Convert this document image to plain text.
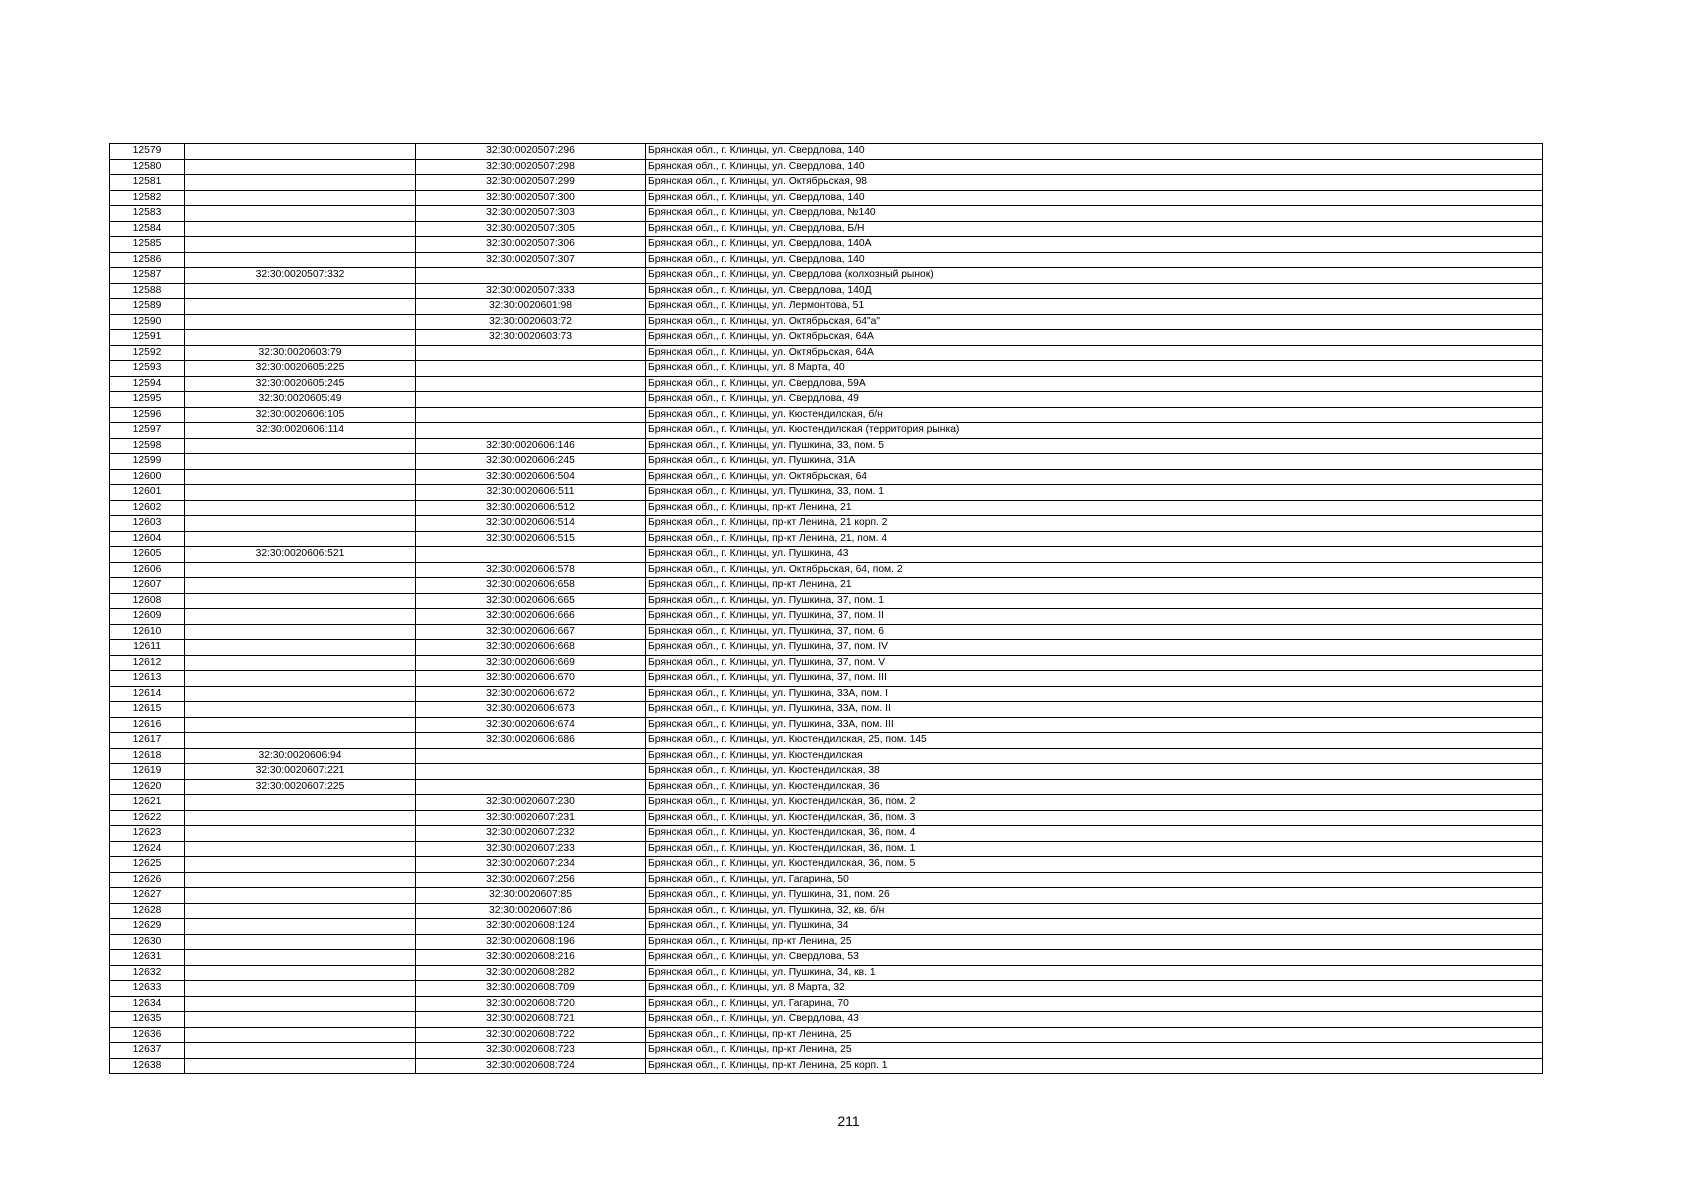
12579		32:30:0020507:296	Брянская обл., г. Клинцы, ул. Свердлова, 140
12580		32:30:0020507:298	Брянская обл., г. Клинцы, ул. Свердлова, 140
12581		32:30:0020507:299	Брянская обл., г. Клинцы, ул. Октябрьская, 98
12582		32:30:0020507:300	Брянская обл., г. Клинцы, ул. Свердлова, 140
12583		32:30:0020507:303	Брянская обл., г. Клинцы, ул. Свердлова, №140
12584		32:30:0020507:305	Брянская обл., г. Клинцы, ул. Свердлова, Б/Н
12585		32:30:0020507:306	Брянская обл., г. Клинцы, ул. Свердлова, 140А
12586		32:30:0020507:307	Брянская обл., г. Клинцы, ул. Свердлова, 140
12587	32:30:0020507:332		Брянская обл., г. Клинцы, ул. Свердлова (колхозный рынок)
12588		32:30:0020507:333	Брянская обл., г. Клинцы, ул. Свердлова, 140Д
12589		32:30:0020601:98	Брянская обл., г. Клинцы, ул. Лермонтова, 51
12590		32:30:0020603:72	Брянская обл., г. Клинцы, ул. Октябрьская, 64"а"
12591		32:30:0020603:73	Брянская обл., г. Клинцы, ул. Октябрьская, 64А
12592	32:30:0020603:79		Брянская обл., г. Клинцы, ул. Октябрьская, 64А
12593	32:30:0020605:225		Брянская обл., г. Клинцы, ул. 8 Марта, 40
12594	32:30:0020605:245		Брянская обл., г. Клинцы, ул. Свердлова, 59А
12595	32:30:0020605:49		Брянская обл., г. Клинцы, ул. Свердлова, 49
12596	32:30:0020606:105		Брянская обл., г. Клинцы, ул. Кюстендилская, б/н
12597	32:30:0020606:114		Брянская обл., г. Клинцы, ул. Кюстендилская (территория рынка)
12598		32:30:0020606:146	Брянская обл., г. Клинцы, ул. Пушкина, 33, пом. 5
12599		32:30:0020606:245	Брянская обл., г. Клинцы, ул. Пушкина, 31А
12600		32:30:0020606:504	Брянская обл., г. Клинцы, ул. Октябрьская, 64
12601		32:30:0020606:511	Брянская обл., г. Клинцы, ул. Пушкина, 33, пом. 1
12602		32:30:0020606:512	Брянская обл., г. Клинцы, пр-кт Ленина, 21
12603		32:30:0020606:514	Брянская обл., г. Клинцы, пр-кт Ленина, 21 корп. 2
12604		32:30:0020606:515	Брянская обл., г. Клинцы, пр-кт Ленина, 21, пом. 4
12605	32:30:0020606:521		Брянская обл., г. Клинцы, ул. Пушкина, 43
12606		32:30:0020606:578	Брянская обл., г. Клинцы, ул. Октябрьская, 64, пом. 2
12607		32:30:0020606:658	Брянская обл., г. Клинцы, пр-кт Ленина, 21
12608		32:30:0020606:665	Брянская обл., г. Клинцы, ул. Пушкина, 37, пом. 1
12609		32:30:0020606:666	Брянская обл., г. Клинцы, ул. Пушкина, 37, пом. II
12610		32:30:0020606:667	Брянская обл., г. Клинцы, ул. Пушкина, 37, пом. 6
12611		32:30:0020606:668	Брянская обл., г. Клинцы, ул. Пушкина, 37, пом. IV
12612		32:30:0020606:669	Брянская обл., г. Клинцы, ул. Пушкина, 37, пом. V
12613		32:30:0020606:670	Брянская обл., г. Клинцы, ул. Пушкина, 37, пом. III
12614		32:30:0020606:672	Брянская обл., г. Клинцы, ул. Пушкина, 33А, пом. I
12615		32:30:0020606:673	Брянская обл., г. Клинцы, ул. Пушкина, 33А, пом. II
12616		32:30:0020606:674	Брянская обл., г. Клинцы, ул. Пушкина, 33А, пом. III
12617		32:30:0020606:686	Брянская обл., г. Клинцы, ул. Кюстендилская, 25, пом. 145
12618	32:30:0020606:94		Брянская обл., г. Клинцы, ул. Кюстендилская
12619	32:30:0020607:221		Брянская обл., г. Клинцы, ул. Кюстендилская, 38
12620	32:30:0020607:225		Брянская обл., г. Клинцы, ул. Кюстендилская, 36
12621		32:30:0020607:230	Брянская обл., г. Клинцы, ул. Кюстендилская, 36, пом. 2
12622		32:30:0020607:231	Брянская обл., г. Клинцы, ул. Кюстендилская, 36, пом. 3
12623		32:30:0020607:232	Брянская обл., г. Клинцы, ул. Кюстендилская, 36, пом. 4
12624		32:30:0020607:233	Брянская обл., г. Клинцы, ул. Кюстендилская, 36, пом. 1
12625		32:30:0020607:234	Брянская обл., г. Клинцы, ул. Кюстендилская, 36, пом. 5
12626		32:30:0020607:256	Брянская обл., г. Клинцы, ул. Гагарина, 50
12627		32:30:0020607:85	Брянская обл., г. Клинцы, ул. Пушкина, 31, пом. 26
12628		32:30:0020607:86	Брянская обл., г. Клинцы, ул. Пушкина, 32, кв. б/н
12629		32:30:0020608:124	Брянская обл., г. Клинцы, ул. Пушкина, 34
12630		32:30:0020608:196	Брянская обл., г. Клинцы, пр-кт Ленина, 25
12631		32:30:0020608:216	Брянская обл., г. Клинцы, ул. Свердлова, 53
12632		32:30:0020608:282	Брянская обл., г. Клинцы, ул. Пушкина, 34, кв. 1
12633		32:30:0020608:709	Брянская обл., г. Клинцы, ул. 8 Марта, 32
12634		32:30:0020608:720	Брянская обл., г. Клинцы, ул. Гагарина, 70
12635		32:30:0020608:721	Брянская обл., г. Клинцы, ул. Свердлова, 43
12636		32:30:0020608:722	Брянская обл., г. Клинцы, пр-кт Ленина, 25
12637		32:30:0020608:723	Брянская обл., г. Клинцы, пр-кт Ленина, 25
12638		32:30:0020608:724	Брянская обл., г. Клинцы, пр-кт Ленина, 25 корп. 1
211
